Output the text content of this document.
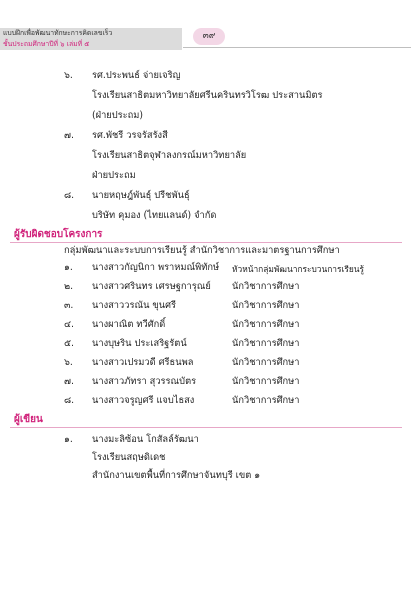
แบบฝึกเพื่อพัฒนาทักษะการคิดเลขเร็ว
ชั้นประถมศึกษาปีที่ ๖ เล่มที่ ๕
๓๙
๖. รศ.ประพนธ์ จ่ายเจริญ
โรงเรียนสาธิตมหาวิทยาลัยศรีนครินทรวิโรฒ ประสานมิตร
(ฝ่ายประถม)
๗. รศ.พัชรี วรจรัสรังสี
โรงเรียนสาธิตจุฬาลงกรณ์มหาวิทยาลัย
ฝ่ายประถม
๘. นายหฤษฎ์พันธุ์ ปรีชพันธุ์
บริษัท คุมอง (ไทยแลนด์) จำกัด
ผู้รับผิดชอบโครงการ
กลุ่มพัฒนาและระบบการเรียนรู้ สำนักวิชาการและมาตรฐานการศึกษา
๑. นางสาวกัญนิกา พราหมณ์พิทักษ์ หัวหน้ากลุ่มพัฒนากระบวนการเรียนรู้
๒. นางสาวศรินทร เศรษฐการุณย์ นักวิชาการศึกษา
๓. นางสาววรณัน ขุนศรี	นักวิชาการศึกษา
๔. นางผาณิต ทวีศักดิ์	นักวิชาการศึกษา
๕. นางบุษริน ประเสริฐรัตน์	นักวิชาการศึกษา
๖. นางสาวเปรมวดี ศรีธนพล	นักวิชาการศึกษา
๗. นางสาวภัทรา สุวรรณบัตร	นักวิชาการศึกษา
๘. นางสาวจรูญศรี แจบไธสง	นักวิชาการศึกษา
ผู้เขียน
๑. นางมะลิซ้อน โกสัลล์รัฒนา
โรงเรียนสฤษดิเดช
สำนักงานเขตพื้นที่การศึกษาจันทบุรี เขต ๑
